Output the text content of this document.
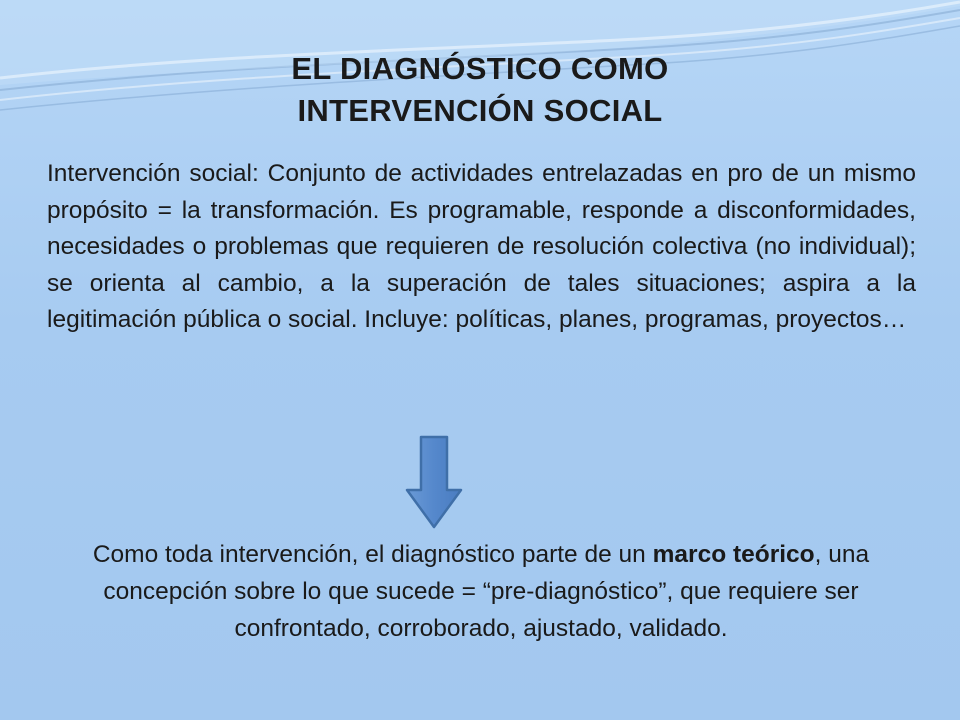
EL DIAGNÓSTICO COMO
INTERVENCIÓN SOCIAL

Intervención social: Conjunto de actividades entrelazadas en pro de un mismo propósito = la transformación. Es programable, responde a disconformidades, necesidades o problemas que requieren de resolución colectiva (no individual); se orienta al cambio, a la superación de tales situaciones; aspira a la legitimación pública o social. Incluye: políticas, planes, programas, proyectos…

Como toda intervención, el diagnóstico parte de un marco teórico, una concepción sobre lo que sucede = “pre-diagnóstico”, que requiere ser confrontado, corroborado, ajustado, validado.
